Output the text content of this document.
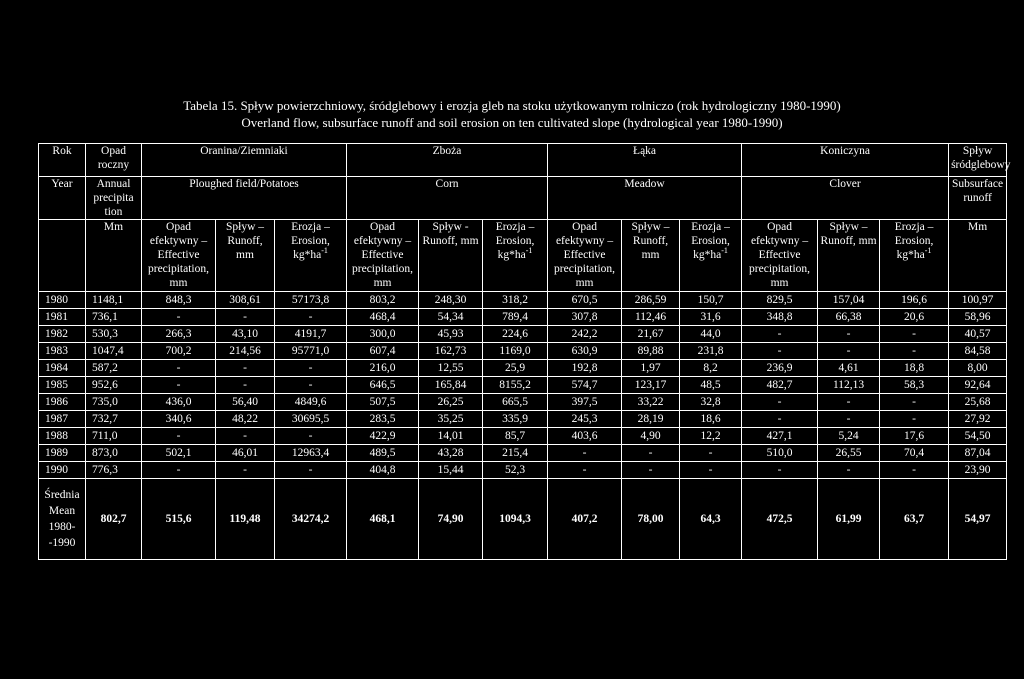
Tabela 15. Spływ powierzchniowy, śródglebowy i erozja gleb na stoku użytkowanym rolniczo (rok hydrologiczny 1980-1990)
Overland flow, subsurface runoff and soil erosion on ten cultivated slope (hydrological year 1980-1990)
Rok	Opad roczny	Oranina/Ziemniaki			Zboża			Łąka			Koniczyna			Spływ śródglebowy
Year	Annual precipita tion	Ploughed field/Potatoes			Corn			Meadow			Clover			Subsurface runoff
	Mm	Opad efektywny – Effective precipitation, mm	Spływ – Runoff, mm	Erozja – Erosion, $kg*ha^{-1}$	Opad efektywny – Effective precipitation, mm	Spływ - Runoff, mm	Erozja – Erosion, $kg*ha^{-1}$	Opad efektywny – Effective precipitation, mm	Spływ – Runoff, mm	Erozja – Erosion, $kg*ha^{-1}$	Opad efektywny – Effective precipitation, mm	Spływ – Runoff, mm	Erozja – Erosion, $kg*ha^{-1}$	Mm
1980	1148,1	848,3	308,61	57173,8	803,2	248,30	318,2	670,5	286,59	150,7	829,5	157,04	196,6	100,97
1981	736,1	-	-	-	468,4	54,34	789,4	307,8	112,46	31,6	348,8	66,38	20,6	58,96
1982	530,3	266,3	43,10	4191,7	300,0	45,93	224,6	242,2	21,67	44,0	-	-	-	40,57
1983	1047,4	700,2	214,56	95771,0	607,4	162,73	1169,0	630,9	89,88	231,8	-	-	-	84,58
1984	587,2	-	-	-	216,0	12,55	25,9	192,8	1,97	8,2	236,9	4,61	18,8	8,00
1985	952,6	-	-	-	646,5	165,84	8155,2	574,7	123,17	48,5	482,7	112,13	58,3	92,64
1986	735,0	436,0	56,40	4849,6	507,5	26,25	665,5	397,5	33,22	32,8	-	-	-	25,68
1987	732,7	340,6	48,22	30695,5	283,5	35,25	335,9	245,3	28,19	18,6	-	-	-	27,92
1988	711,0	-	-	-	422,9	14,01	85,7	403,6	4,90	12,2	427,1	5,24	17,6	54,50
1989	873,0	502,1	46,01	12963,4	489,5	43,28	215,4	-	-	-	510,0	26,55	70,4	87,04
1990	776,3	-	-	-	404,8	15,44	52,3	-	-	-	-	-	-	23,90
Średnia Mean 1980- -1990	802,7	515,6	119,48	34274,2	468,1	74,90	1094,3	407,2	78,00	64,3	472,5	61,99	63,7	54,97
